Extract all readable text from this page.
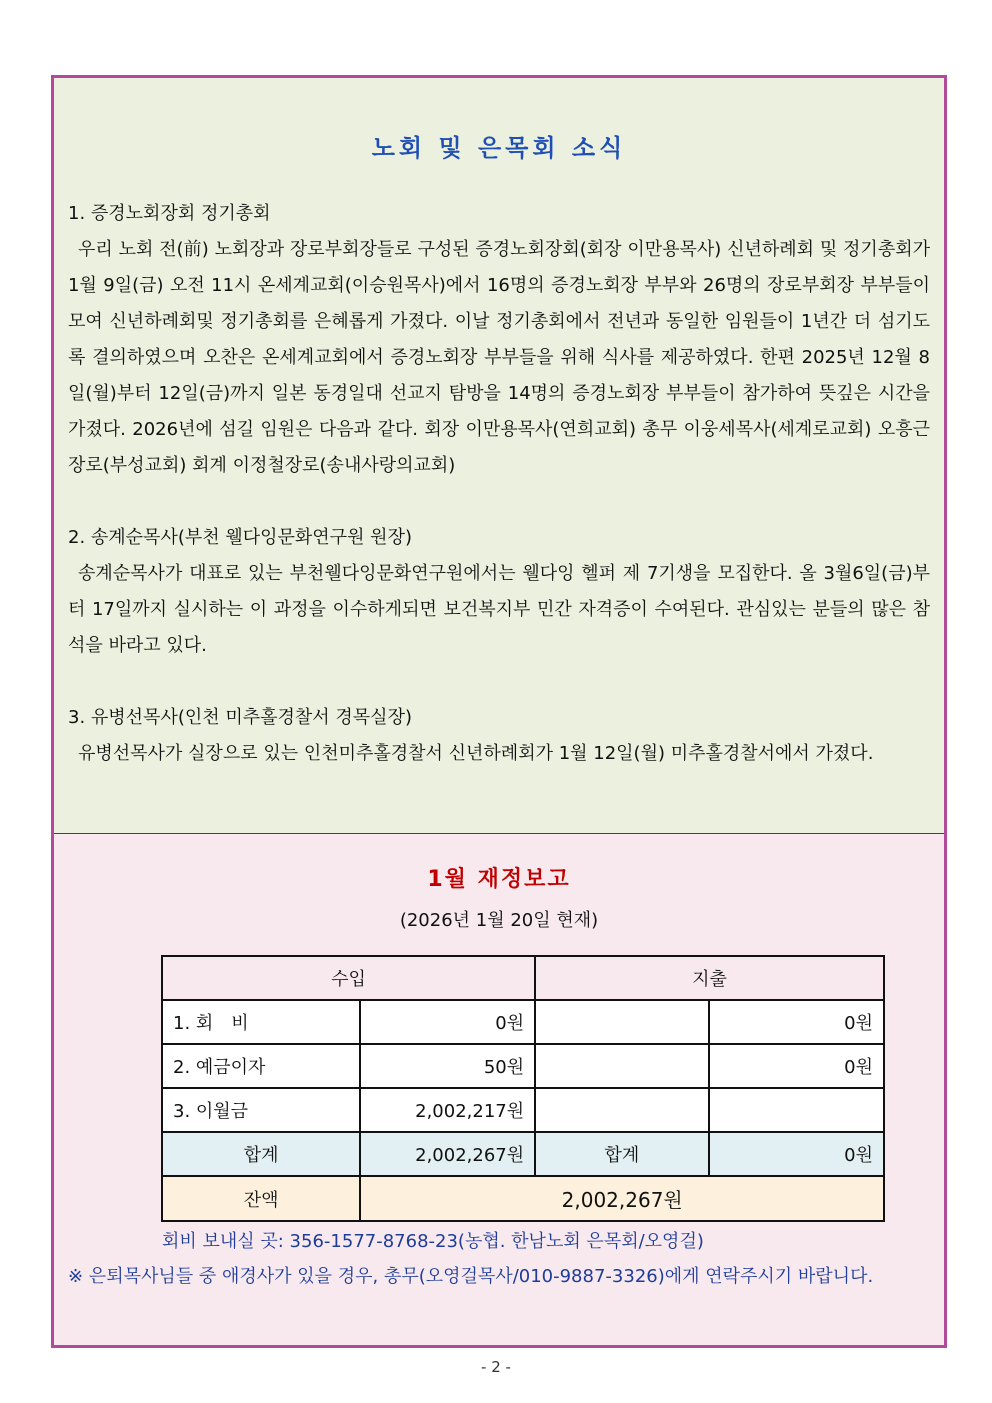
노회 및 은목회 소식

1. 증경노회장회 정기총회

우리 노회 전(前) 노회장과 장로부회장들로 구성된 증경노회장회(회장 이만용목사) 신년하례회 및 정기총회가 1월 9일(금) 오전 11시 온세계교회(이승원목사)에서 16명의 증경노회장 부부와 26명의 장로부회장 부부들이 모여 신년하례회및 정기총회를 은혜롭게 가졌다. 이날 정기총회에서 전년과 동일한 임원들이 1년간 더 섬기도록 결의하였으며 오찬은 온세계교회에서 증경노회장 부부들을 위해 식사를 제공하였다. 한편 2025년 12월 8일(월)부터 12일(금)까지 일본 동경일대 선교지 탐방을 14명의 증경노회장 부부들이 참가하여 뜻깊은 시간을 가졌다. 2026년에 섬길 임원은 다음과 같다. 회장 이만용목사(연희교회) 총무 이웅세목사(세계로교회) 오흥근장로(부성교회) 회계 이정철장로(송내사랑의교회)

2. 송계순목사(부천 웰다잉문화연구원 원장)

송계순목사가 대표로 있는 부천웰다잉문화연구원에서는 웰다잉 헬퍼 제 7기생을 모집한다. 올 3월6일(금)부터 17일까지 실시하는 이 과정을 이수하게되면 보건복지부 민간 자격증이 수여된다. 관심있는 분들의 많은 참석을 바라고 있다.

3. 유병선목사(인천 미추홀경찰서 경목실장)

유병선목사가 실장으로 있는 인천미추홀경찰서 신년하례회가 1월 12일(월) 미추홀경찰서에서 가졌다.

1월 재정보고

(2026년 1월 20일 현재)

수입		지출	
1. 회　비	0원		0원
2. 예금이자	50원		0원
3. 이월금	2,002,217원		
합계	2,002,267원	합계	0원
잔액	2,002,267원		

회비 보내실 곳: 356-1577-8768-23(농협. 한남노회 은목회/오영걸)

※ 은퇴목사님들 중 애경사가 있을 경우, 총무(오영걸목사/010-9887-3326)에게 연락주시기 바랍니다.

- 2 -
